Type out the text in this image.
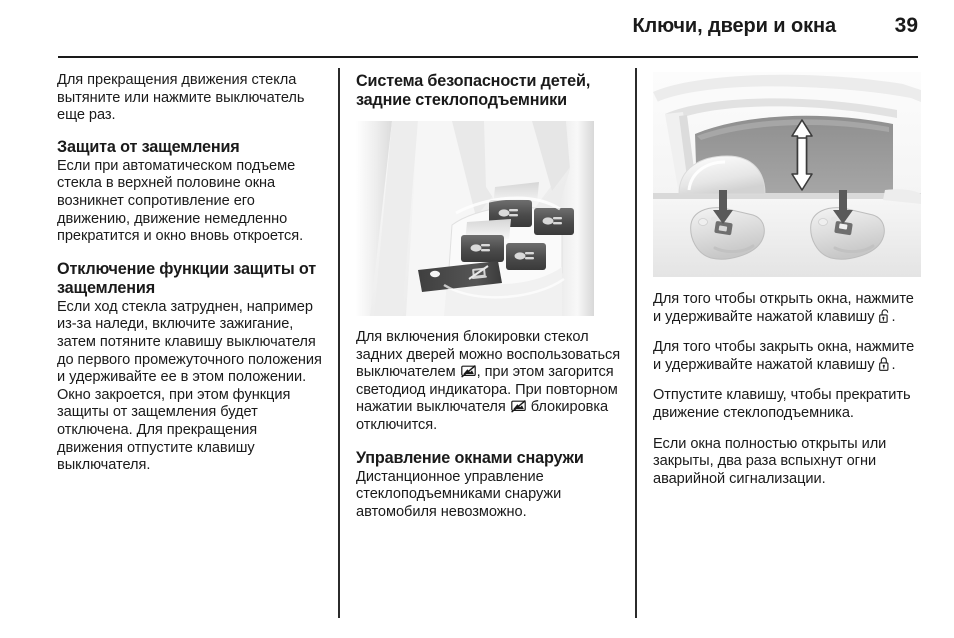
Ключи, двери и окна	39

Для прекращения движения стекла вытяните или нажмите выключатель еще раз.

Защита от защемления

Если при автоматическом подъеме стекла в верхней половине окна возникнет сопротивление его движению, движение немедленно прекратится и окно вновь откроется.

Отключение функции защиты от защемления

Если ход стекла затруднен, например из-за наледи, включите зажигание, затем потяните клавишу выключателя до первого промежуточного положения и удерживайте ее в этом положении. Окно закроется, при этом функция защиты от защемления будет отключена. Для прекращения движения отпустите клавишу выключателя.

Система безопасности детей, задние стеклоподъемники

Для включения блокировки стекол задних дверей можно воспользоваться выключателем , при этом загорится светодиод индикатора. При повторном нажатии выключателя  блокировка отключится.

Управление окнами снаружи

Дистанционное управление стеклоподъемниками снаружи автомобиля невозможно.

Для того чтобы открыть окна, нажмите и удерживайте нажатой клавишу .

Для того чтобы закрыть окна, нажмите и удерживайте нажатой клавишу .

Отпустите клавишу, чтобы прекратить движение стеклоподъемника.

Если окна полностью открыты или закрыты, два раза вспыхнут огни аварийной сигнализации.
